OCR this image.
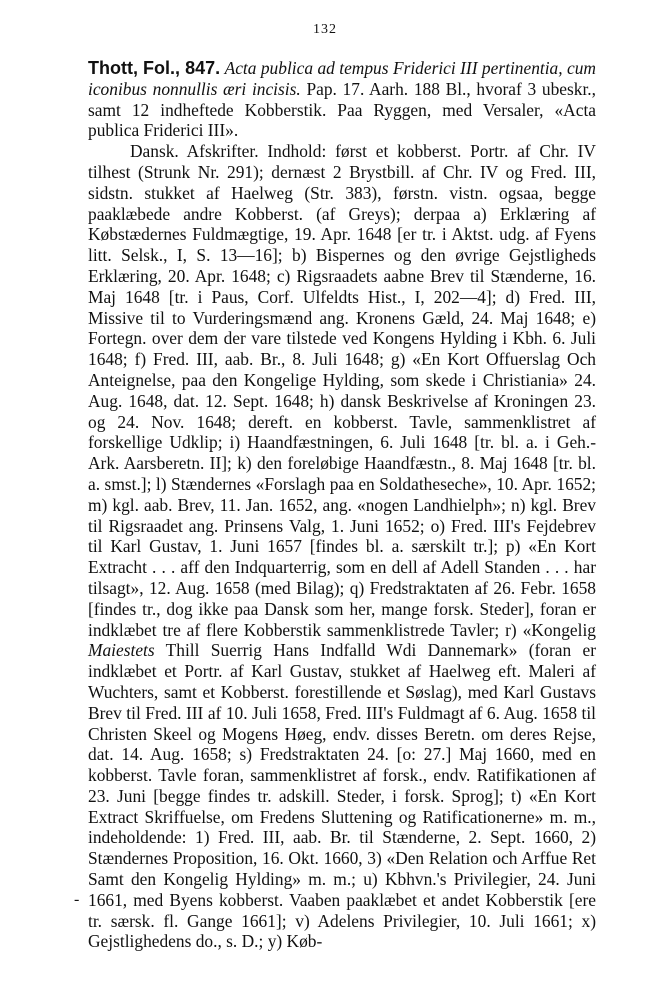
132

Thott, Fol., 847. Acta publica ad tempus Friderici III pertinentia, cum iconibus nonnullis æri incisis. Pap. 17. Aarh. 188 Bl., hvoraf 3 ubeskr., samt 12 indheftede Kobberstik. Paa Ryggen, med Versaler, «Acta publica Friderici III».

Dansk. Afskrifter. Indhold: først et kobberst. Portr. af Chr. IV tilhest (Strunk Nr. 291); dernæst 2 Brystbill. af Chr. IV og Fred. III, sidstn. stukket af Haelweg (Str. 383), førstn. vistn. ogsaa, begge paaklæbede andre Kobberst. (af Greys); derpaa a) Erklæring af Købstædernes Fuldmægtige, 19. Apr. 1648 [er tr. i Aktst. udg. af Fyens litt. Selsk., I, S. 13—16]; b) Bispernes og den øvrige Gejstligheds Erklæring, 20. Apr. 1648; c) Rigsraadets aabne Brev til Stænderne, 16. Maj 1648 [tr. i Paus, Corf. Ulfeldts Hist., I, 202—4]; d) Fred. III, Missive til to Vurderingsmænd ang. Kronens Gæld, 24. Maj 1648; e) Fortegn. over dem der vare tilstede ved Kongens Hylding i Kbh. 6. Juli 1648; f) Fred. III, aab. Br., 8. Juli 1648; g) «En Kort Offuerslag Och Anteignelse, paa den Kongelige Hylding, som skede i Christiania» 24. Aug. 1648, dat. 12. Sept. 1648; h) dansk Beskrivelse af Kroningen 23. og 24. Nov. 1648; dereft. en kobberst. Tavle, sammenklistret af forskellige Udklip; i) Haandfæstningen, 6. Juli 1648 [tr. bl. a. i Geh.-Ark. Aarsberetn. II]; k) den foreløbige Haandfæstn., 8. Maj 1648 [tr. bl. a. smst.]; l) Stændernes «Forslagh paa en Soldatheseche», 10. Apr. 1652; m) kgl. aab. Brev, 11. Jan. 1652, ang. «nogen Landhielph»; n) kgl. Brev til Rigsraadet ang. Prinsens Valg, 1. Juni 1652; o) Fred. III's Fejdebrev til Karl Gustav, 1. Juni 1657 [findes bl. a. særskilt tr.]; p) «En Kort Extracht . . . aff den Indquarterrig, som en dell af Adell Standen . . . har tilsagt», 12. Aug. 1658 (med Bilag); q) Fredstraktaten af 26. Febr. 1658 [findes tr., dog ikke paa Dansk som her, mange forsk. Steder], foran er indklæbet tre af flere Kobberstik sammenklistrede Tavler; r) «Kongelig Maiestets Thill Suerrig Hans Indfalld Wdi Dannemark» (foran er indklæbet et Portr. af Karl Gustav, stukket af Haelweg eft. Maleri af Wuchters, samt et Kobberst. forestillende et Søslag), med Karl Gustavs Brev til Fred. III af 10. Juli 1658, Fred. III's Fuldmagt af 6. Aug. 1658 til Christen Skeel og Mogens Høeg, endv. disses Beretn. om deres Rejse, dat. 14. Aug. 1658; s) Fredstraktaten 24. [o: 27.] Maj 1660, med en kobberst. Tavle foran, sammenklistret af forsk., endv. Ratifikationen af 23. Juni [begge findes tr. adskill. Steder, i forsk. Sprog]; t) «En Kort Extract Skriffuelse, om Fredens Sluttening og Ratificationerne» m. m., indeholdende: 1) Fred. III, aab. Br. til Stænderne, 2. Sept. 1660, 2) Stændernes Proposition, 16. Okt. 1660, 3) «Den Relation och Arffue Ret Samt den Kongelig Hylding» m. m.; u) Kbhvn.'s Privilegier, 24. Juni 1661, med Byens kobberst. Vaaben paaklæbet et andet Kobberstik [ere tr. særsk. fl. Gange 1661]; v) Adelens Privilegier, 10. Juli 1661; x) Gejstlighedens do., s. D.; y) Køb-

-
